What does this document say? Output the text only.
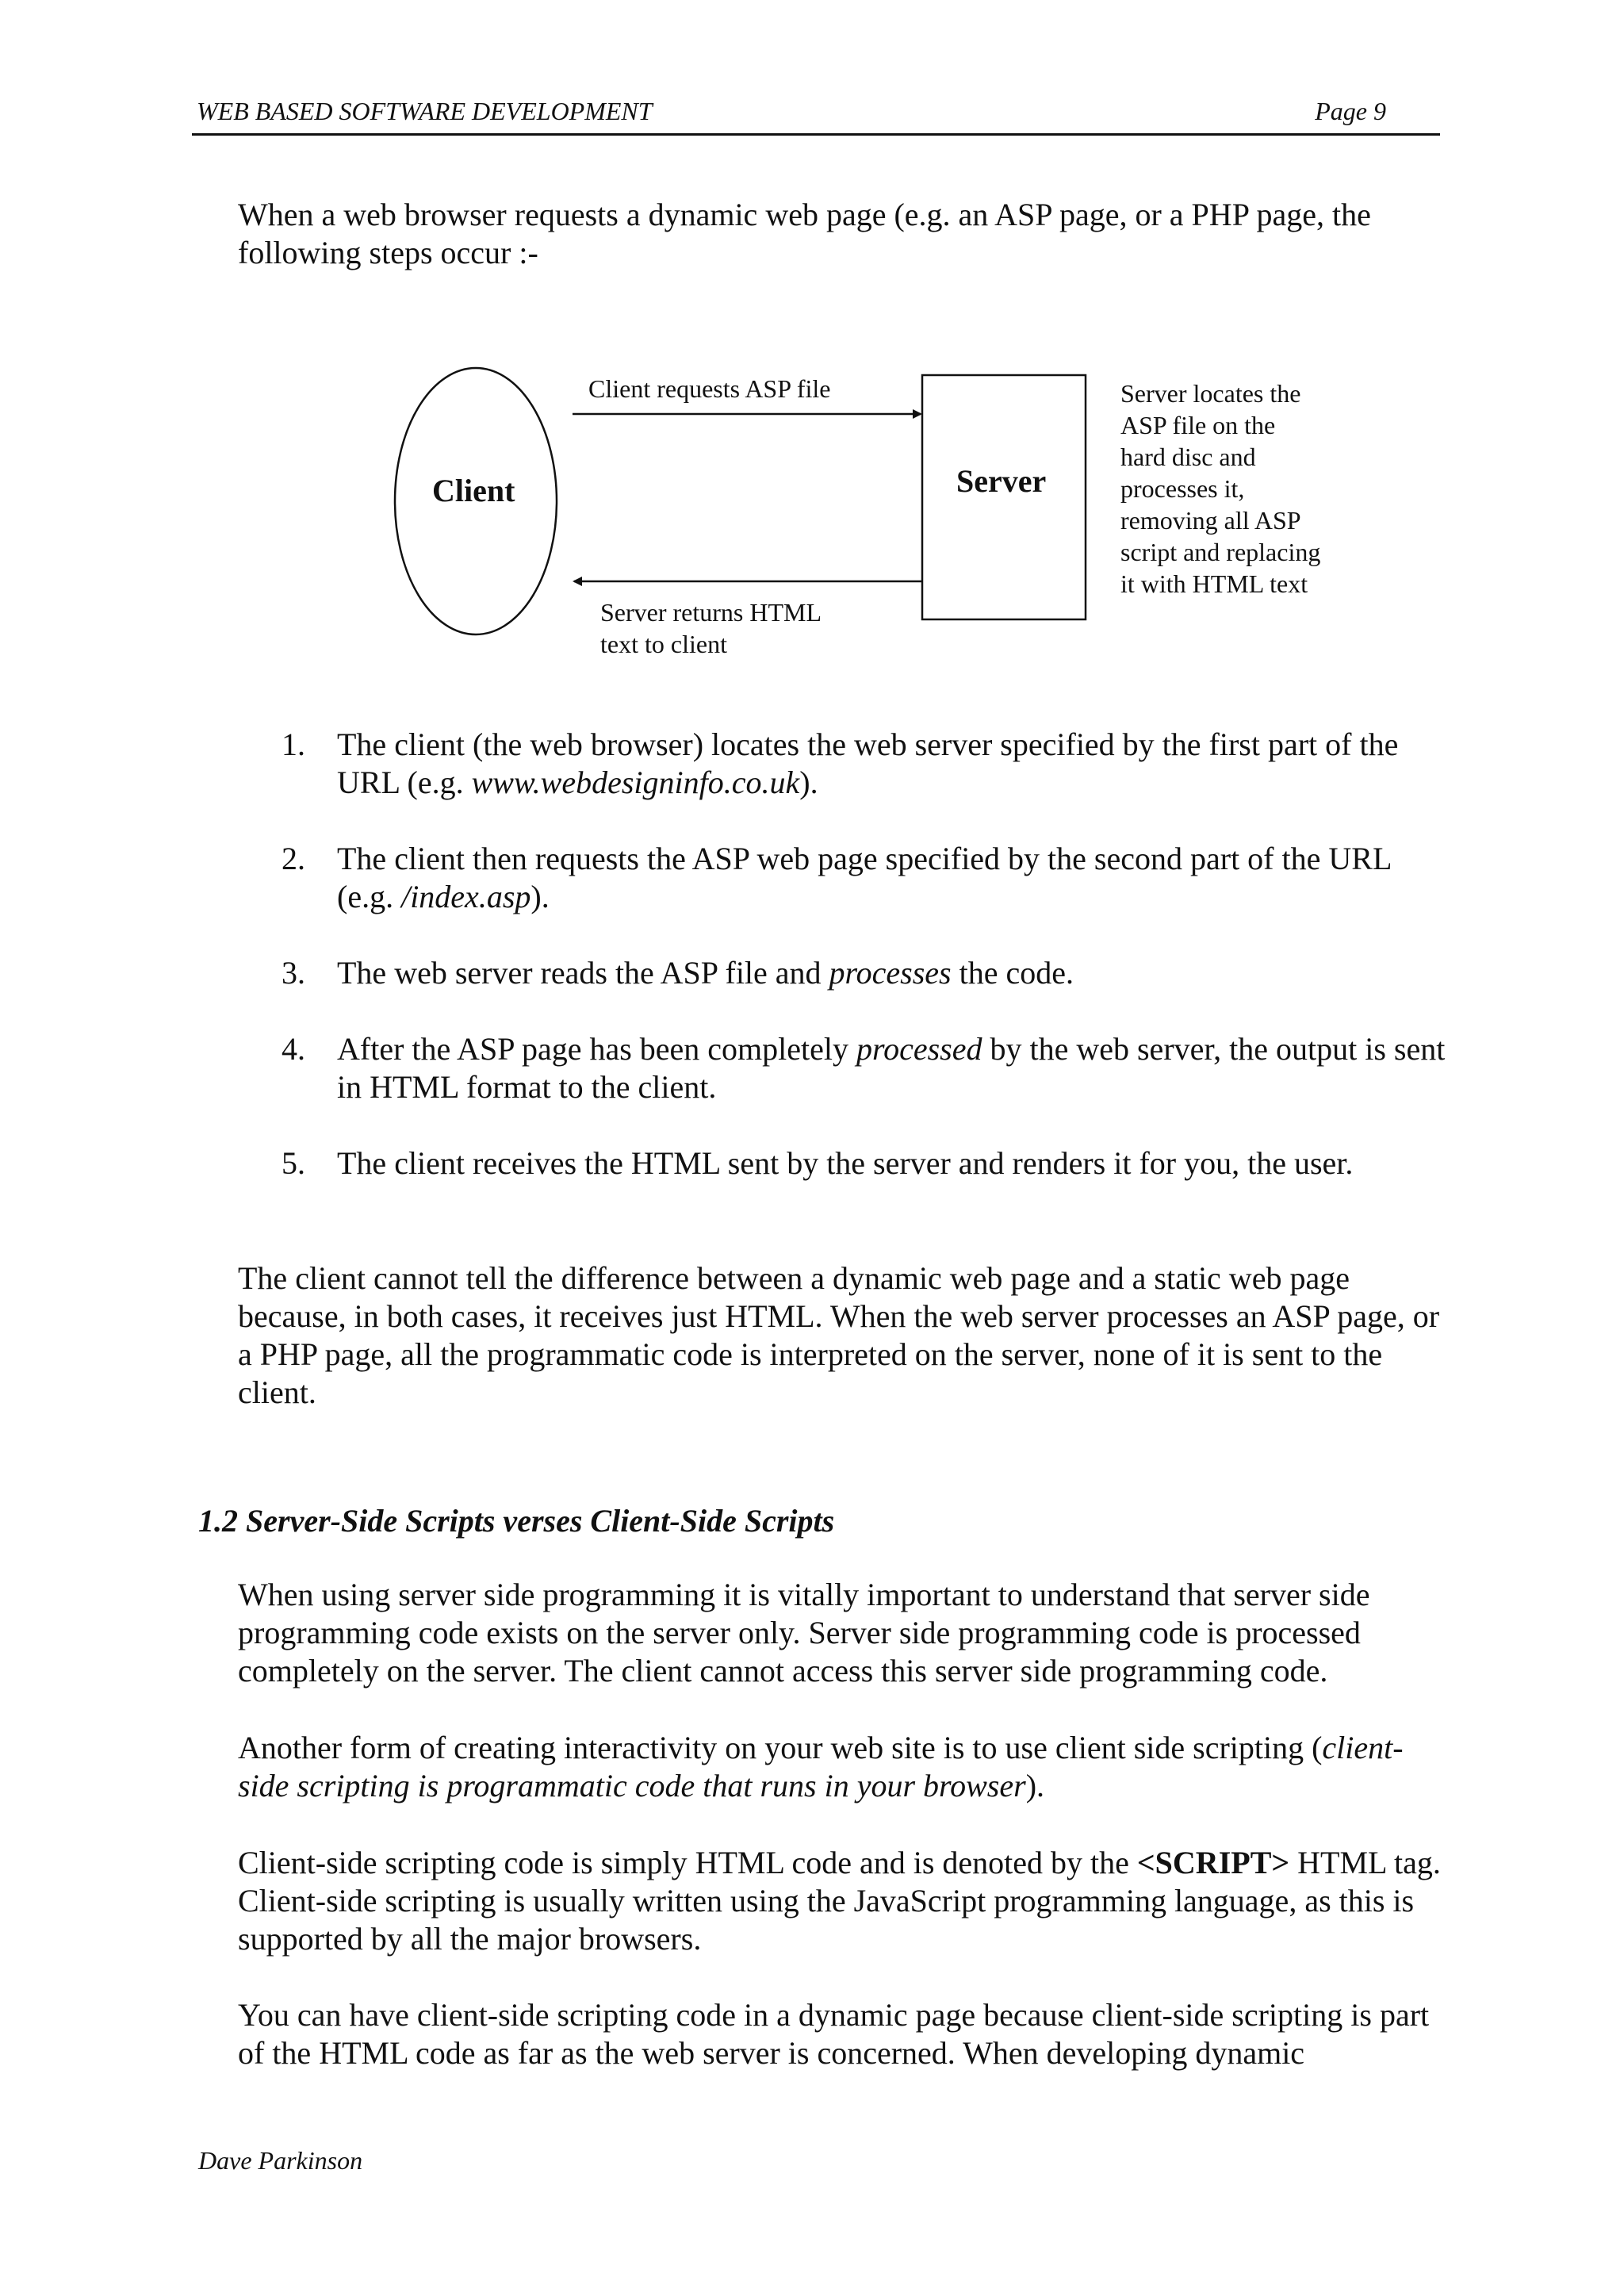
WEB BASED SOFTWARE DEVELOPMENT	Page 9
When a web browser requests a dynamic web page (e.g. an ASP page, or a PHP page, the following steps occur :-
Client	Server
Client requests ASP file
Server returns HTML
text to client
Server locates the
ASP file on the
hard disc and
processes it,
removing all ASP
script and replacing
it with HTML text
1. The client (the web browser) locates the web server specified by the first part of the URL (e.g. www.webdesigninfo.co.uk).
2. The client then requests the ASP web page specified by the second part of the URL (e.g. /index.asp).
3. The web server reads the ASP file and processes the code.
4. After the ASP page has been completely processed by the web server, the output is sent in HTML format to the client.
5. The client receives the HTML sent by the server and renders it for you, the user.
The client cannot tell the difference between a dynamic web page and a static web page because, in both cases, it receives just HTML. When the web server processes an ASP page, or a PHP page, all the programmatic code is interpreted on the server, none of it is sent to the client.
1.2 Server-Side Scripts verses Client-Side Scripts
When using server side programming it is vitally important to understand that server side programming code exists on the server only. Server side programming code is processed completely on the server. The client cannot access this server side programming code.
Another form of creating interactivity on your web site is to use client side scripting (client-side scripting is programmatic code that runs in your browser).
Client-side scripting code is simply HTML code and is denoted by the <SCRIPT> HTML tag. Client-side scripting is usually written using the JavaScript programming language, as this is supported by all the major browsers.
You can have client-side scripting code in a dynamic page because client-side scripting is part of the HTML code as far as the web server is concerned. When developing dynamic
Dave Parkinson
